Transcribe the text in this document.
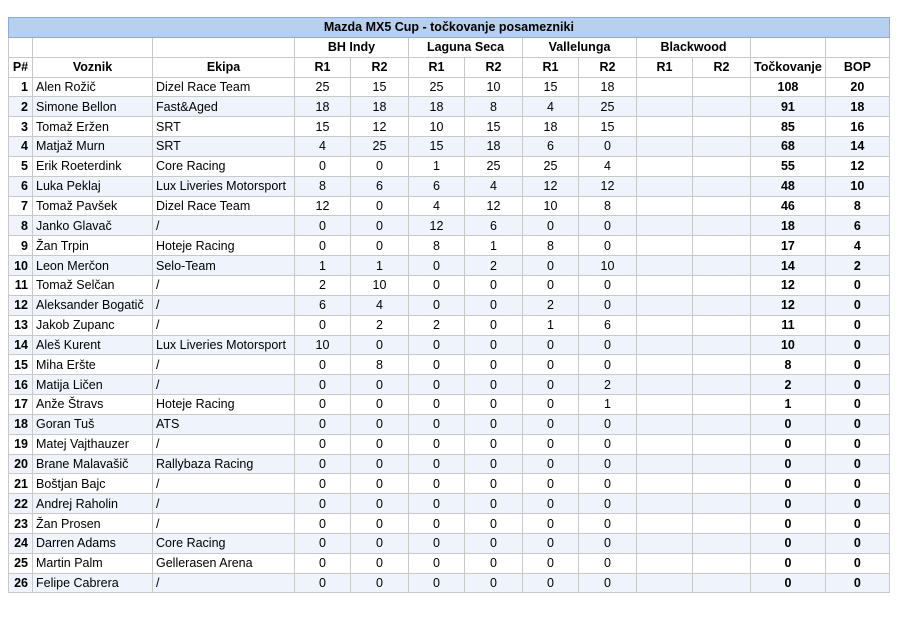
Mazda MX5 Cup - točkovanje posamezniki												
			BH Indy		Laguna Seca		Vallelunga		Blackwood			
P#	Voznik	Ekipa	R1	R2	R1	R2	R1	R2	R1	R2	Točkovanje	BOP
1	Alen Rožič	Dizel Race Team	25	15	25	10	15	18			108	20
2	Simone Bellon	Fast&Aged	18	18	18	8	4	25			91	18
3	Tomaž Eržen	SRT	15	12	10	15	18	15			85	16
4	Matjaž Murn	SRT	4	25	15	18	6	0			68	14
5	Erik Roeterdink	Core Racing	0	0	1	25	25	4			55	12
6	Luka Peklaj	Lux Liveries Motorsport	8	6	6	4	12	12			48	10
7	Tomaž Pavšek	Dizel Race Team	12	0	4	12	10	8			46	8
8	Janko Glavač	/	0	0	12	6	0	0			18	6
9	Žan Trpin	Hoteje Racing	0	0	8	1	8	0			17	4
10	Leon Merčon	Selo-Team	1	1	0	2	0	10			14	2
11	Tomaž Selčan	/	2	10	0	0	0	0			12	0
12	Aleksander Bogatič	/	6	4	0	0	2	0			12	0
13	Jakob Zupanc	/	0	2	2	0	1	6			11	0
14	Aleš Kurent	Lux Liveries Motorsport	10	0	0	0	0	0			10	0
15	Miha Eršte	/	0	8	0	0	0	0			8	0
16	Matija Ličen	/	0	0	0	0	0	2			2	0
17	Anže Štravs	Hoteje Racing	0	0	0	0	0	1			1	0
18	Goran Tuš	ATS	0	0	0	0	0	0			0	0
19	Matej Vajthauzer	/	0	0	0	0	0	0			0	0
20	Brane Malavašič	Rallybaza Racing	0	0	0	0	0	0			0	0
21	Boštjan Bajc	/	0	0	0	0	0	0			0	0
22	Andrej Raholin	/	0	0	0	0	0	0			0	0
23	Žan Prosen	/	0	0	0	0	0	0			0	0
24	Darren Adams	Core Racing	0	0	0	0	0	0			0	0
25	Martin Palm	Gellerasen Arena	0	0	0	0	0	0			0	0
26	Felipe Cabrera	/	0	0	0	0	0	0			0	0
